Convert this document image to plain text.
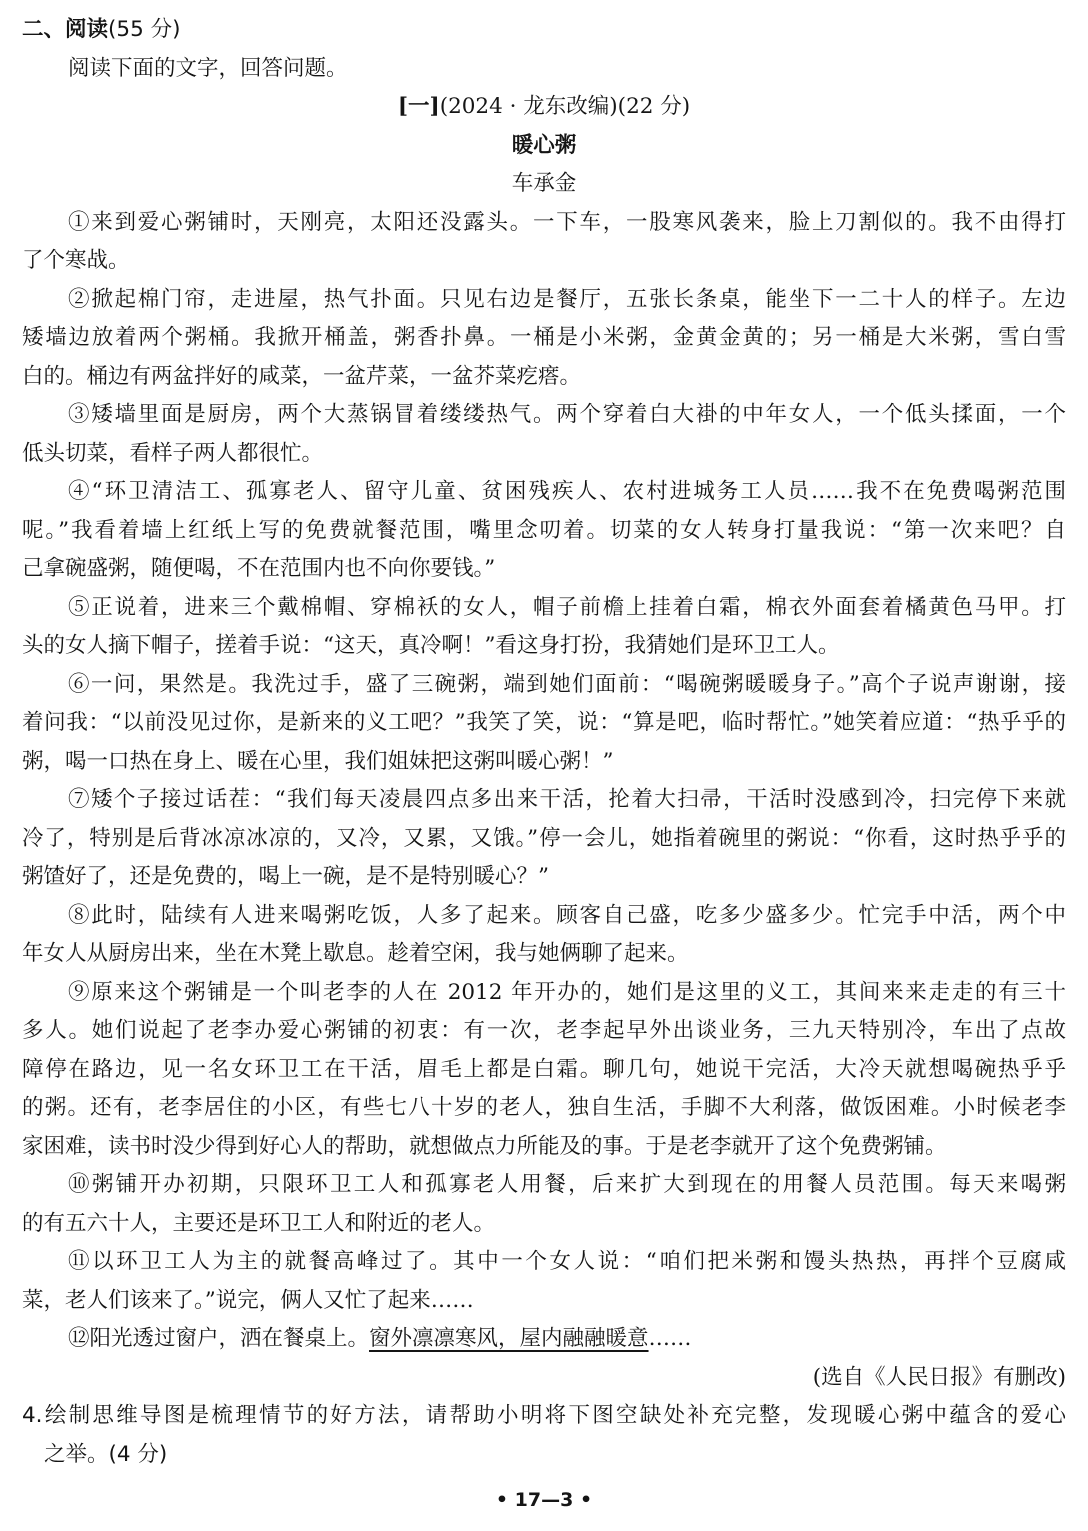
二、阅读(55 分)
阅读下面的文字，回答问题。
[一](2024 · 龙东改编)(22 分)
暖心粥
车承金
①来到爱心粥铺时，天刚亮，太阳还没露头。一下车，一股寒风袭来，脸上刀割似的。我不由得打
了个寒战。
②掀起棉门帘，走进屋，热气扑面。只见右边是餐厅，五张长条桌，能坐下一二十人的样子。左边
矮墙边放着两个粥桶。我掀开桶盖，粥香扑鼻。一桶是小米粥，金黄金黄的；另一桶是大米粥，雪白雪
白的。桶边有两盆拌好的咸菜，一盆芹菜，一盆芥菜疙瘩。
③矮墙里面是厨房，两个大蒸锅冒着缕缕热气。两个穿着白大褂的中年女人，一个低头揉面，一个
低头切菜，看样子两人都很忙。
④“环卫清洁工、孤寡老人、留守儿童、贫困残疾人、农村进城务工人员……我不在免费喝粥范围
呢。”我看着墙上红纸上写的免费就餐范围，嘴里念叨着。切菜的女人转身打量我说：“第一次来吧？自
己拿碗盛粥，随便喝，不在范围内也不向你要钱。”
⑤正说着，进来三个戴棉帽、穿棉袄的女人，帽子前檐上挂着白霜，棉衣外面套着橘黄色马甲。打
头的女人摘下帽子，搓着手说：“这天，真冷啊！”看这身打扮，我猜她们是环卫工人。
⑥一问，果然是。我洗过手，盛了三碗粥，端到她们面前：“喝碗粥暖暖身子。”高个子说声谢谢，接
着问我：“以前没见过你，是新来的义工吧？”我笑了笑，说：“算是吧，临时帮忙。”她笑着应道：“热乎乎的
粥，喝一口热在身上、暖在心里，我们姐妹把这粥叫暖心粥！”
⑦矮个子接过话茬：“我们每天凌晨四点多出来干活，抡着大扫帚，干活时没感到冷，扫完停下来就
冷了，特别是后背冰凉冰凉的，又冷，又累，又饿。”停一会儿，她指着碗里的粥说：“你看，这时热乎乎的
粥馇好了，还是免费的，喝上一碗，是不是特别暖心？”
⑧此时，陆续有人进来喝粥吃饭，人多了起来。顾客自己盛，吃多少盛多少。忙完手中活，两个中
年女人从厨房出来，坐在木凳上歇息。趁着空闲，我与她俩聊了起来。
⑨原来这个粥铺是一个叫老李的人在 2012 年开办的，她们是这里的义工，其间来来走走的有三十
多人。她们说起了老李办爱心粥铺的初衷：有一次，老李起早外出谈业务，三九天特别冷，车出了点故
障停在路边，见一名女环卫工在干活，眉毛上都是白霜。聊几句，她说干完活，大冷天就想喝碗热乎乎
的粥。还有，老李居住的小区，有些七八十岁的老人，独自生活，手脚不大利落，做饭困难。小时候老李
家困难，读书时没少得到好心人的帮助，就想做点力所能及的事。于是老李就开了这个免费粥铺。
⑩粥铺开办初期，只限环卫工人和孤寡老人用餐，后来扩大到现在的用餐人员范围。每天来喝粥
的有五六十人，主要还是环卫工人和附近的老人。
⑪以环卫工人为主的就餐高峰过了。其中一个女人说：“咱们把米粥和馒头热热，再拌个豆腐咸
菜，老人们该来了。”说完，俩人又忙了起来……
⑫阳光透过窗户，洒在餐桌上。窗外凛凛寒风，屋内融融暖意……
(选自《人民日报》有删改)
4.绘制思维导图是梳理情节的好方法，请帮助小明将下图空缺处补充完整，发现暖心粥中蕴含的爱心
之举。(4 分)
• 17—3 •
